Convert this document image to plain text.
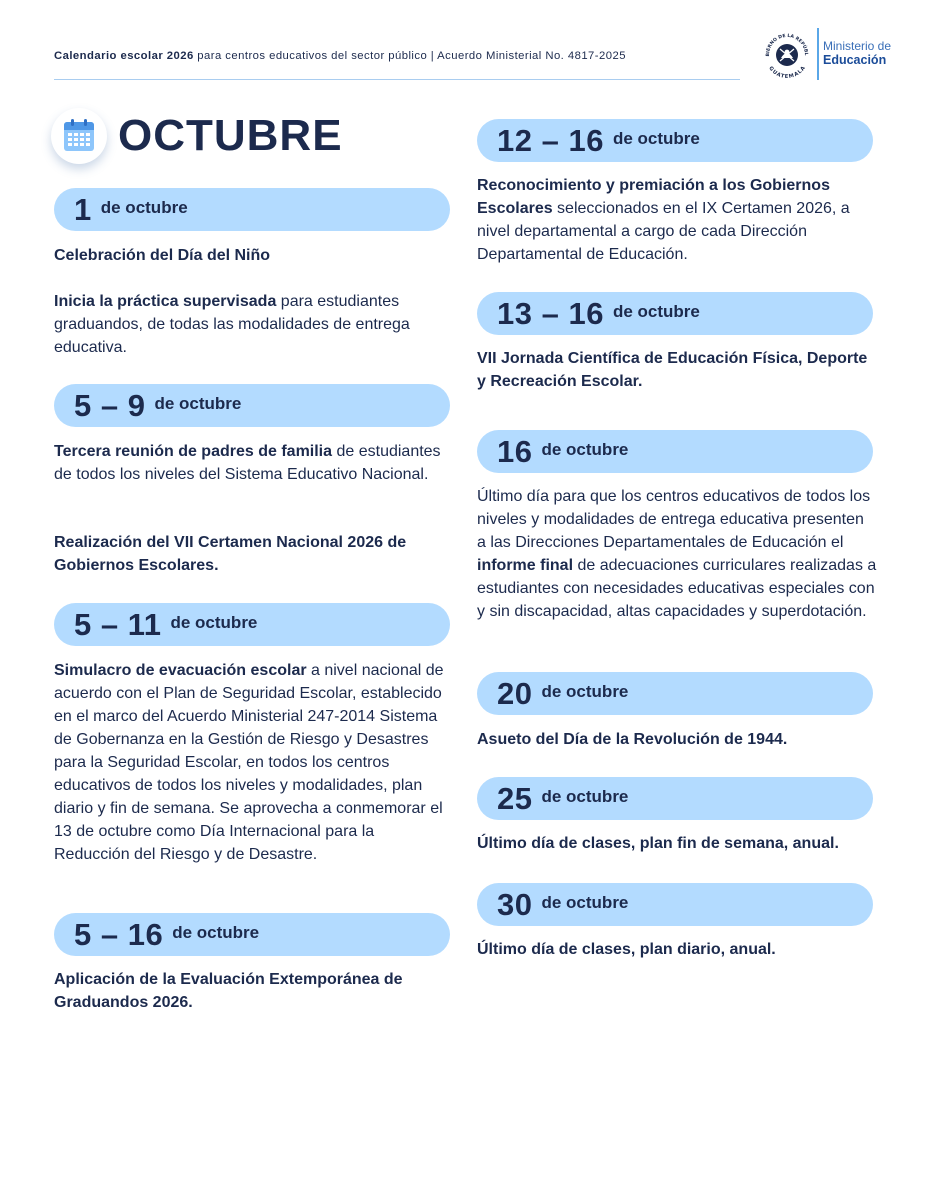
Calendario escolar 2026 para centros educativos del sector público | Acuerdo Ministerial No. 4817-2025	BIERNO DE LA REPÚBL
GUATEMALA
Ministerio de
Educación
OCTUBRE
1 de octubre
Celebración del Día del Niño
Inicia la práctica supervisada para estudiantes graduandos, de todas las modalidades de entrega educativa.
5 – 9 de octubre
Tercera reunión de padres de familia de estudiantes de todos los niveles del Sistema Educativo Nacional.
Realización del VII Certamen Nacional 2026 de Gobiernos Escolares.
5 – 11 de octubre
Simulacro de evacuación escolar a nivel nacional de acuerdo con el Plan de Seguridad Escolar, establecido en el marco del Acuerdo Ministerial 247-2014 Sistema de Gobernanza en la Gestión de Riesgo y Desastres para la Seguridad Escolar, en todos los centros educativos de todos los niveles y modalidades, plan diario y fin de semana. Se aprovecha a conmemorar el 13 de octubre como Día Internacional para la Reducción del Riesgo y de Desastre.
5 – 16 de octubre
Aplicación de la Evaluación Extemporánea de Graduandos 2026.
12 – 16 de octubre
Reconocimiento y premiación a los Gobiernos Escolares seleccionados en el IX Certamen 2026, a nivel departamental a cargo de cada Dirección Departamental de Educación.
13 – 16 de octubre
VII Jornada Científica de Educación Física, Deporte y Recreación Escolar.
16 de octubre
Último día para que los centros educativos de todos los niveles y modalidades de entrega educativa presenten a las Direcciones Departamentales de Educación el informe final de adecuaciones curriculares realizadas a estudiantes con necesidades educativas especiales con y sin discapacidad, altas capacidades y superdotación.
20 de octubre
Asueto del Día de la Revolución de 1944.
25 de octubre
Último día de clases, plan fin de semana, anual.
30 de octubre
Último día de clases, plan diario, anual.
